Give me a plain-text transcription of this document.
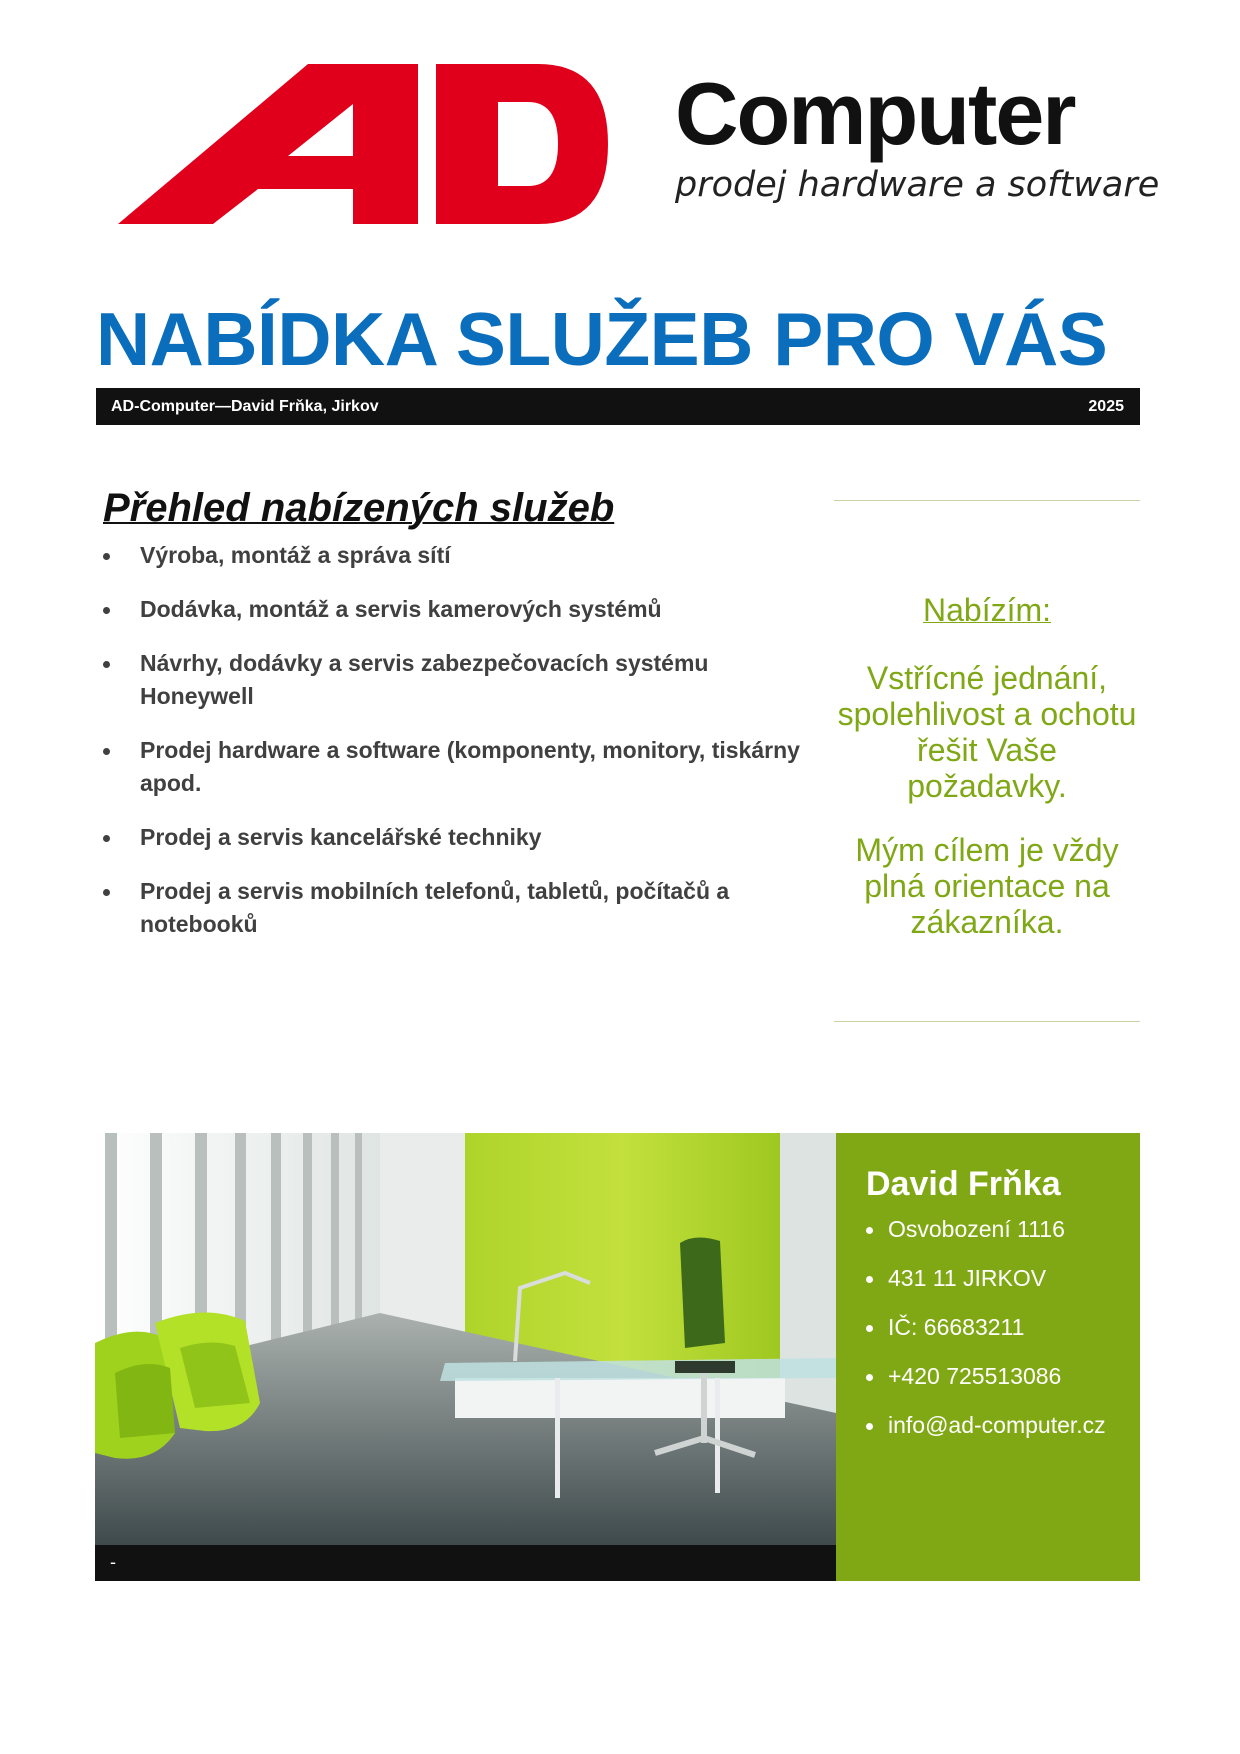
Computer
prodej hardware a software
NABÍDKA SLUŽEB PRO VÁS
AD-Computer—David Frňka, Jirkov	2025
Přehled nabízených služeb
Výroba, montáž a správa sítí
Dodávka, montáž a servis kamerových systémů
Návrhy, dodávky a servis zabezpečovacích systému Honeywell
Prodej hardware a software (komponenty, monitory, tiskárny apod.
Prodej a servis kancelářské techniky
Prodej a servis mobilních telefonů, tabletů, počítačů a notebooků
Nabízím:
Vstřícné jednání, spolehlivost a ochotu řešit Vaše požadavky.
Mým cílem je vždy plná orientace na zákazníka.
-
David Frňka
Osvobození 1116
431 11 JIRKOV
IČ: 66683211
+420 725513086
info@ad-computer.cz
